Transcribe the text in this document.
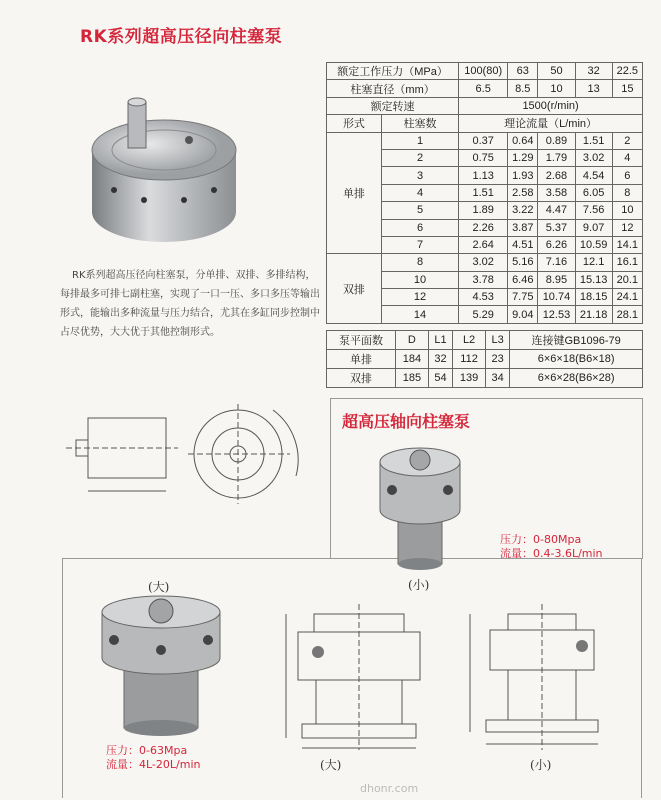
RK系列超高压径向柱塞泵
RK系列超高压径向柱塞泵，分单排、双排、多排结构，每排最多可排七副柱塞，实现了一口一压、多口多压等输出形式，能输出多种流量与压力结合，尤其在多缸同步控制中占尽优势，大大优于其他控制形式。
额定工作压力（MPa）		100(80)	63	50	32	22.5
柱塞直径（mm）		6.5	8.5	10	13	15
额定转速		1500(r/min)				
形式	柱塞数	理论流量（L/min）				
单排	1	0.37	0.64	0.89	1.51	2
	2	0.75	1.29	1.79	3.02	4
	3	1.13	1.93	2.68	4.54	6
	4	1.51	2.58	3.58	6.05	8
	5	1.89	3.22	4.47	7.56	10
	6	2.26	3.87	5.37	9.07	12
	7	2.64	4.51	6.26	10.59	14.1
双排	8	3.02	5.16	7.16	12.1	16.1
	10	3.78	6.46	8.95	15.13	20.1
	12	4.53	7.75	10.74	18.15	24.1
	14	5.29	9.04	12.53	21.18	28.1
泵平面数	D	L1	L2	L3	连接键GB1096-79
单排	184	32	112	23	6×6×18(B6×18)
双排	185	54	139	34	6×6×28(B6×28)
超高压轴向柱塞泵
(小)
压力：0-80Mpa
流量：0.4-3.6L/min
(大)
压力：0-63Mpa
流量：4L-20L/min	(大)	(小)
dhonr.com
